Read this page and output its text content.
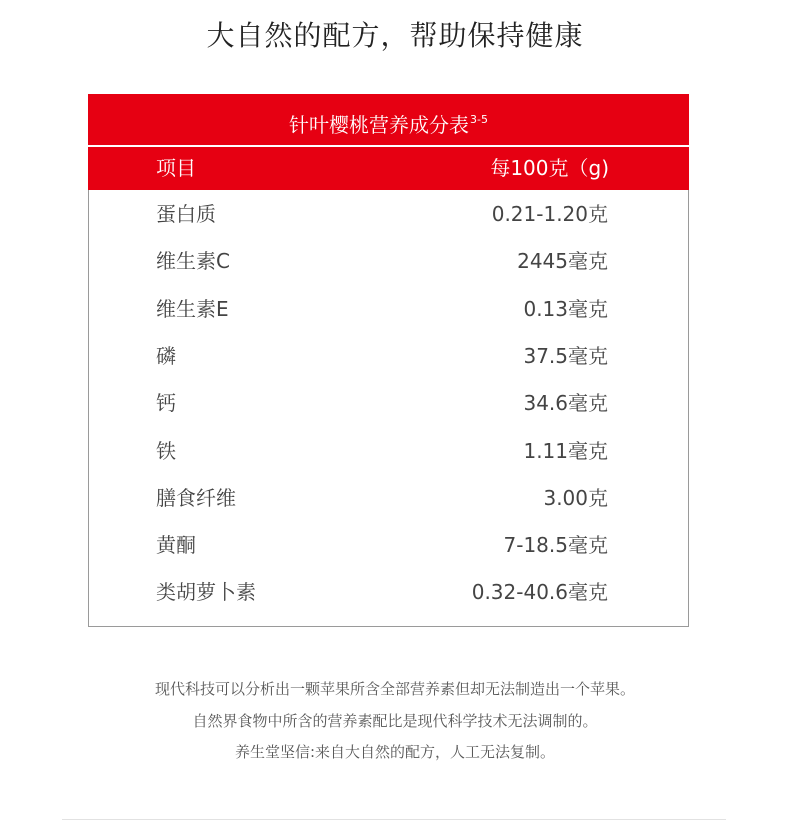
大自然的配方，帮助保持健康
针叶樱桃营养成分表$^{3-5}$
项目	每100克（g)
蛋白质	0.21-1.20克
维生素C	2445毫克
维生素E	0.13毫克
磷	37.5毫克
钙	34.6毫克
铁	1.11毫克
膳食纤维	3.00克
黄酮	7-18.5毫克
类胡萝卜素	0.32-40.6毫克
现代科技可以分析出一颗苹果所含全部营养素但却无法制造出一个苹果。
自然界食物中所含的营养素配比是现代科学技术无法调制的。
养生堂坚信:来自大自然的配方，人工无法复制。
